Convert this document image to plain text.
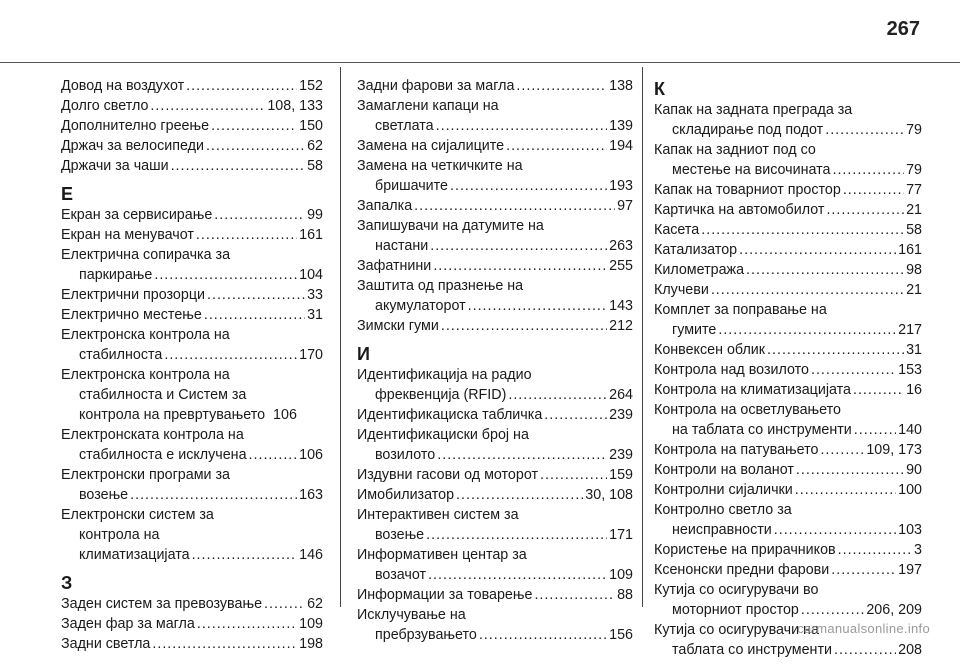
267
Довод на воздухот .....	152
Долго светло .....	108, 133
Дополнително греење .....	150
Држач за велосипеди .....	62
Држачи за чаши .....	58
Е
Екран за сервисирање .....	99
Екран на менувачот .....	161
Електрична сопирачка за
паркирање .....	104
Електрични прозорци .....	33
Електрично местење .....	31
Електронска контрола на
стабилноста .....	170
Електронска контрола на
стабилноста и Систем за
контрола на превртувањето 106
Електронската контрола на
стабилноста е исклучена .....	106
Електронски програми за
возење .....	163
Електронски систем за
контрола на
климатизацијата .....	146
З
Заден систем за превозување .....	62
Заден фар за магла .....	109
Задни светла .....	198
Задни фарови за магла .....	138
Замаглени капаци на
светлата .....	139
Замена на сијалиците .....	194
Замена на четкичките на
бришачите .....	193
Запалка .....	97
Запишувачи на датумите на
настани .....	263
Зафатнини .....	255
Заштита од празнење на
акумулаторот .....	143
Зимски гуми .....	212
И
Идентификација на радио
фреквенција (RFID) .....	264
Идентификациска табличка .....	239
Идентификациски број на
возилото .....	239
Издувни гасови од моторот .....	159
Имобилизатор .....	30, 108
Интерактивен систем за
возење .....	171
Информативен центар за
возачот .....	109
Информации за товарење .....	88
Исклучување на
пребрзувањето .....	156
К
Капак на задната преграда за
складирање под подот .....	79
Капак на задниот под со
местење на височината .....	79
Капак на товарниот простор .....	77
Картичка на автомобилот .....	21
Касета .....	58
Катализатор .....	161
Километража .....	98
Клучеви .....	21
Комплет за поправање на
гумите .....	217
Конвексен облик .....	31
Контрола над возилото .....	153
Контрола на климатизацијата .....	16
Контрола на осветлувањето
на таблата со инструменти .....	140
Контрола на патувањето .....	109, 173
Контроли на воланот .....	90
Контролни сијалички .....	100
Контролно светло за
неисправности .....	103
Користење на прирачников .....	3
Ксенонски предни фарови .....	197
Кутија со осигурувачи во
моторниот простор .....	206, 209
Кутија со осигурувачи на
таблата со инструменти .....	208
carmanualsonline.info
